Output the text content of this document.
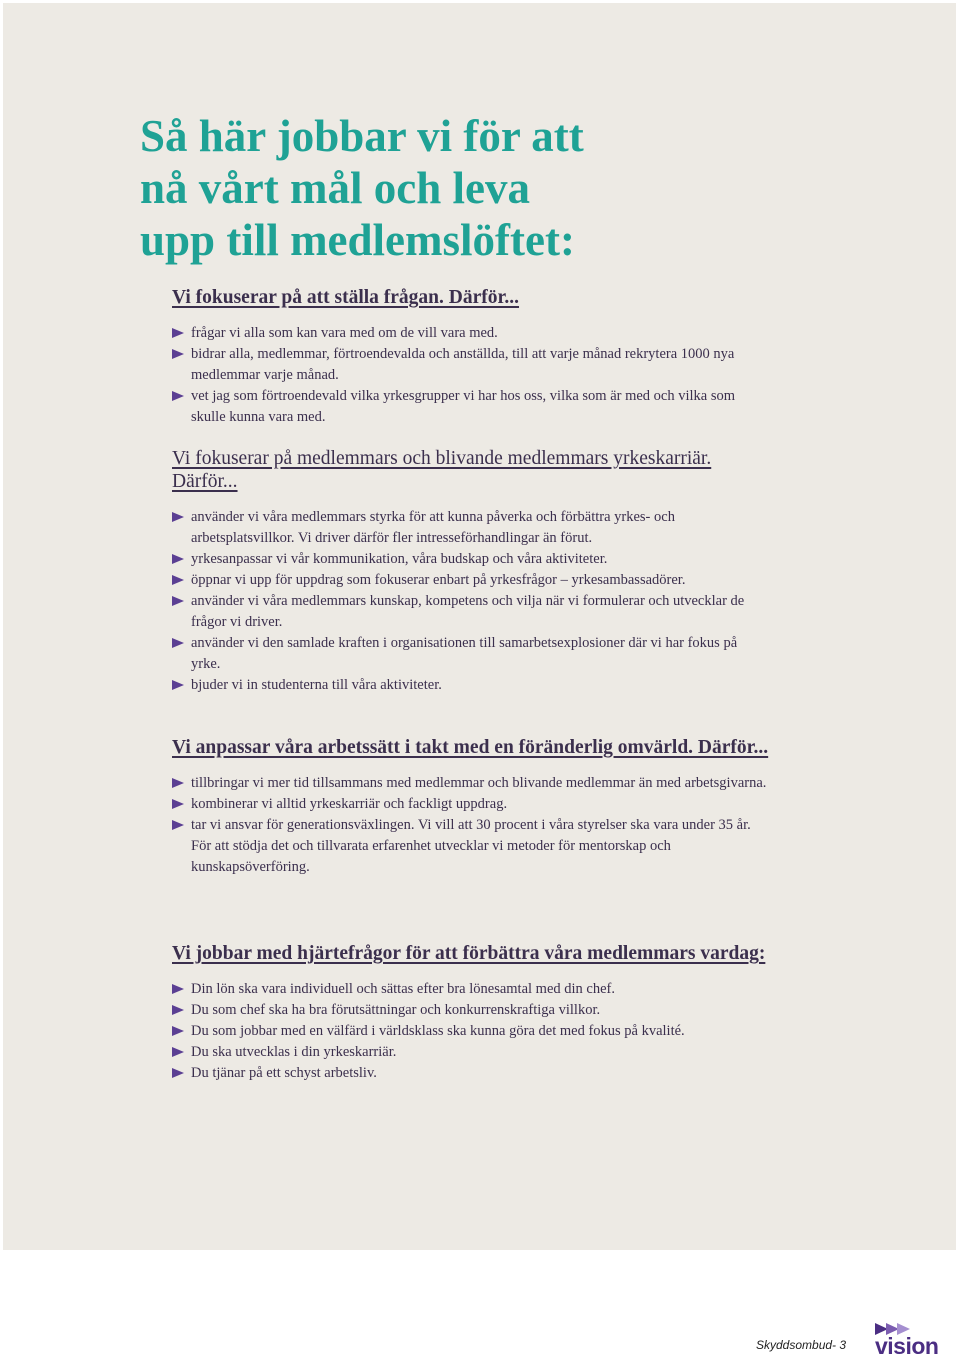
Så här jobbar vi för att
nå vårt mål och leva
upp till medlemslöftet:
Vi fokuserar på att ställa frågan. Därför...
frågar vi alla som kan vara med om de vill vara med.
bidrar alla, medlemmar, förtroendevalda och anställda, till att varje månad rekrytera 1000 nya medlemmar varje månad.
vet jag som förtroendevald vilka yrkesgrupper vi har hos oss, vilka som är med och vilka som skulle kunna vara med.
Vi fokuserar på medlemmars och blivande medlemmars yrkeskarriär. Därför...
använder vi våra medlemmars styrka för att kunna påverka och förbättra yrkes- och arbetsplatsvillkor. Vi driver därför fler intresseförhandlingar än förut.
yrkesanpassar vi vår kommunikation, våra budskap och våra aktiviteter.
öppnar vi upp för uppdrag som fokuserar enbart på yrkesfrågor – yrkesambassadörer.
använder vi våra medlemmars kunskap, kompetens och vilja när vi formulerar och utvecklar de frågor vi driver.
använder vi den samlade kraften i organisationen till samarbetsexplosioner där vi har fokus på yrke.
bjuder vi in studenterna till våra aktiviteter.
Vi anpassar våra arbetssätt i takt med en föränderlig omvärld. Därför...
tillbringar vi mer tid tillsammans med medlemmar och blivande medlemmar än med arbetsgivarna.
kombinerar vi alltid yrkeskarriär och fackligt uppdrag.
tar vi ansvar för generationsväxlingen. Vi vill att 30 procent i våra styrelser ska vara under 35 år. För att stödja det och tillvarata erfarenhet utvecklar vi metoder för mentorskap och kunskapsöverföring.
Vi jobbar med hjärtefrågor för att förbättra våra medlemmars vardag:
Din lön ska vara individuell och sättas efter bra lönesamtal med din chef.
Du som chef ska ha bra förutsättningar och konkurrenskraftiga villkor.
Du som jobbar med en välfärd i världsklass ska kunna göra det med fokus på kvalité.
Du ska utvecklas i din yrkeskarriär.
Du tjänar på ett schyst arbetsliv.
Skyddsombud- 3 vision
